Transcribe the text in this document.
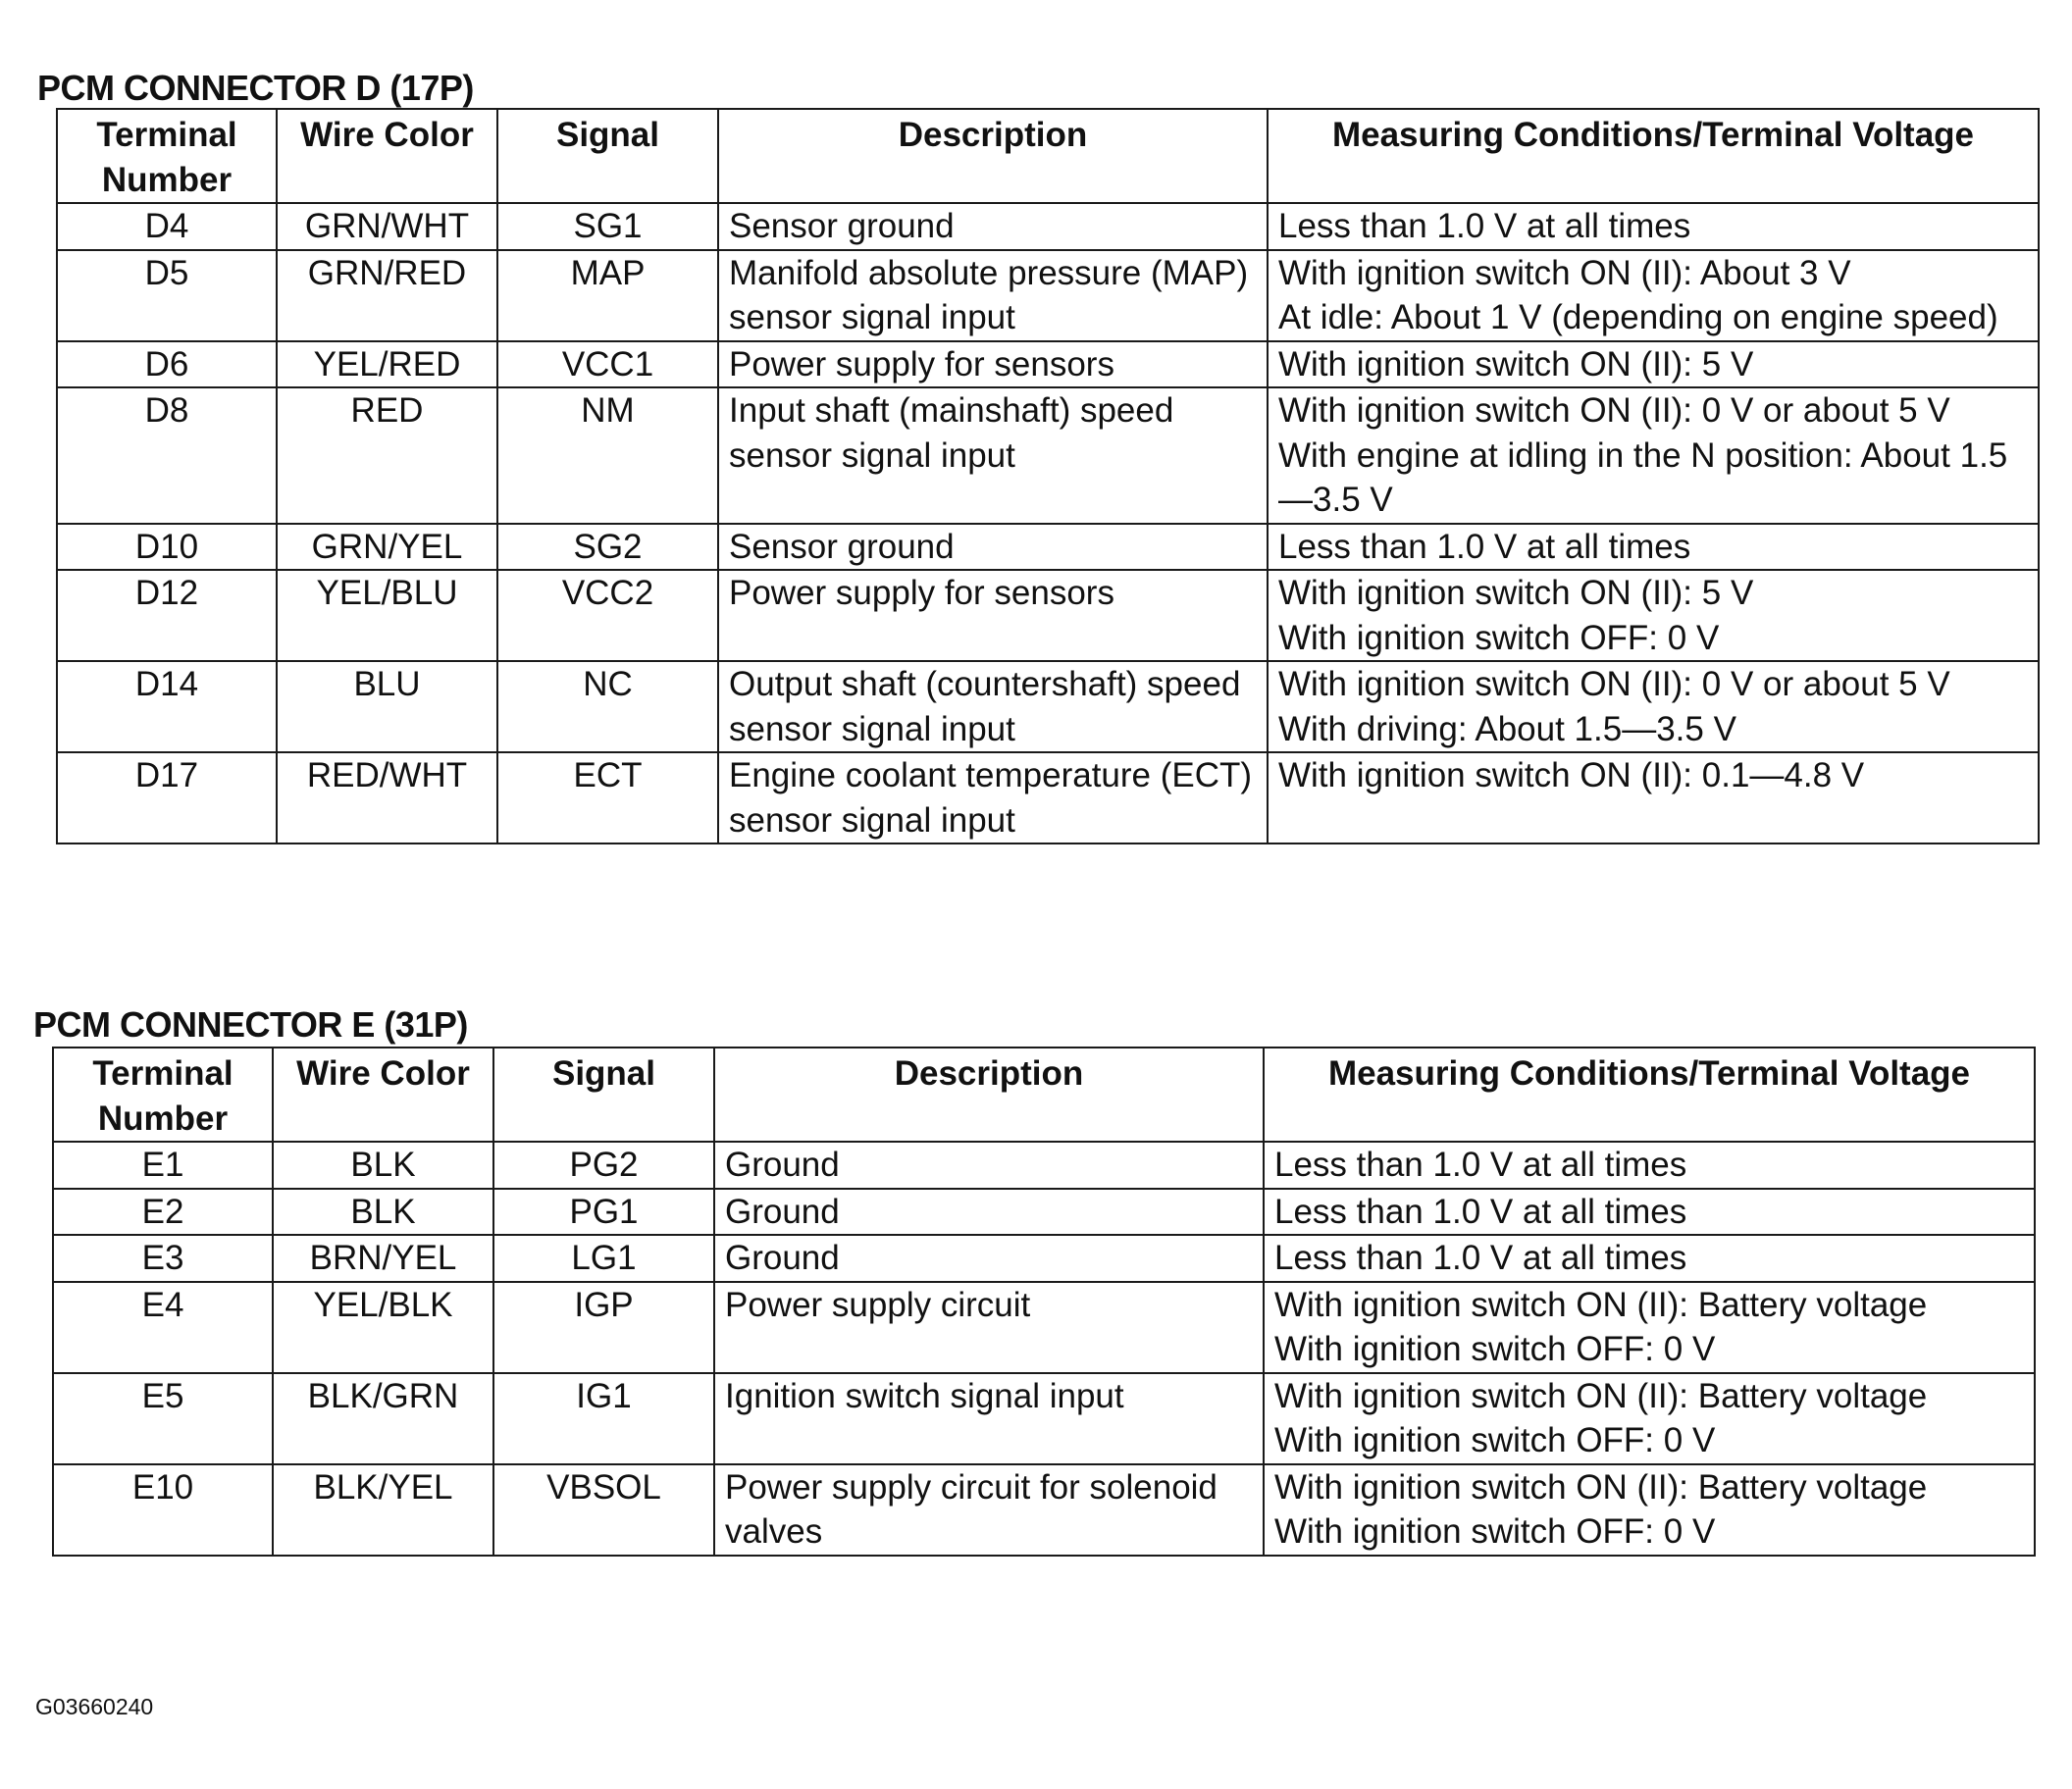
PCM CONNECTOR D (17P)
Terminal Number	Wire Color	Signal	Description	Measuring Conditions/Terminal Voltage
D4	GRN/WHT	SG1	Sensor ground	Less than 1.0 V at all times

D5	GRN/RED	MAP	Manifold absolute pressure (MAP) sensor signal input	With ignition switch ON (II): About 3 V
At idle: About 1 V (depending on engine speed)

D6	YEL/RED	VCC1	Power supply for sensors	With ignition switch ON (II): 5 V

D8	RED	NM	Input shaft (mainshaft) speed sensor signal input	With ignition switch ON (II): 0 V or about 5 V
With engine at idling in the N position: About 1.5—3.5 V

D10	GRN/YEL	SG2	Sensor ground	Less than 1.0 V at all times

D12	YEL/BLU	VCC2	Power supply for sensors	With ignition switch ON (II): 5 V
With ignition switch OFF: 0 V

D14	BLU	NC	Output shaft (countershaft) speed sensor signal input	With ignition switch ON (II): 0 V or about 5 V
With driving: About 1.5—3.5 V

D17	RED/WHT	ECT	Engine coolant temperature (ECT) sensor signal input	With ignition switch ON (II): 0.1—4.8 V
PCM CONNECTOR E (31P)
Terminal Number	Wire Color	Signal	Description	Measuring Conditions/Terminal Voltage
E1	BLK	PG2	Ground	Less than 1.0 V at all times

E2	BLK	PG1	Ground	Less than 1.0 V at all times

E3	BRN/YEL	LG1	Ground	Less than 1.0 V at all times

E4	YEL/BLK	IGP	Power supply circuit	With ignition switch ON (II): Battery voltage
With ignition switch OFF: 0 V

E5	BLK/GRN	IG1	Ignition switch signal input	With ignition switch ON (II): Battery voltage
With ignition switch OFF: 0 V

E10	BLK/YEL	VBSOL	Power supply circuit for solenoid valves	With ignition switch ON (II): Battery voltage
With ignition switch OFF: 0 V

G03660240
